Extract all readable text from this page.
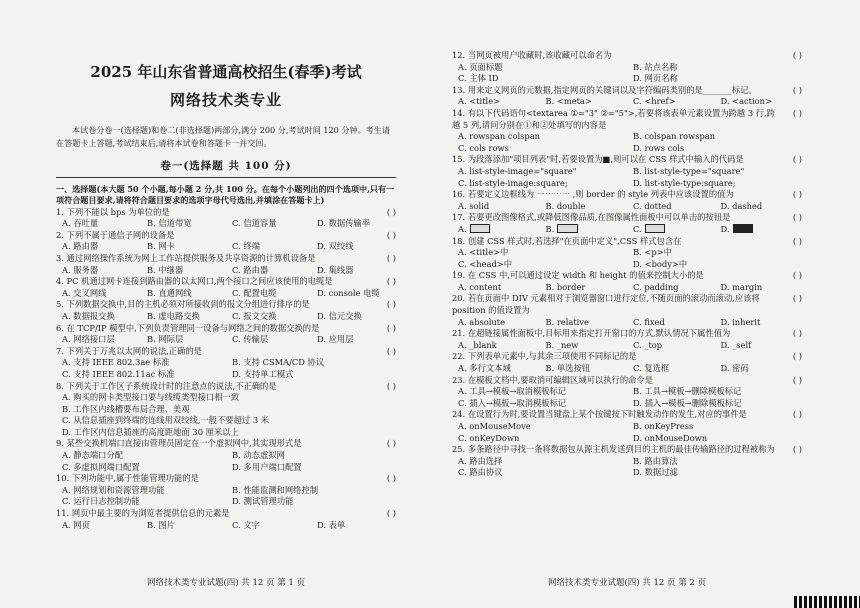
2025 年山东省普通高校招生(春季)考试
网络技术类专业
本试卷分卷一(选择题)和卷二(非选择题)两部分,满分 200 分,考试时间 120 分钟。考生请在答题卡上答题,考试结束后,请将本试卷和答题卡一并交回。
卷一(选择题 共 100 分)
一、选择题(本大题 50 个小题,每小题 2 分,共 100 分。在每个小题列出的四个选项中,只有一项符合题目要求,请将符合题目要求的选项字母代号选出,并填涂在答题卡上)
1. 下列不能以 bps 为单位的是	( )
A. 吞吐量	B. 信道带宽	C. 信道容量	D. 数据传输率
2. 下列不属于通信子网的设备是	( )
A. 路由器	B. 网卡	C. 终端	D. 双绞线
3. 通过网络操作系统为网上工作站提供服务及共享资源的计算机设备是	( )
A. 服务器	B. 中继器	C. 路由器	D. 集线器
4. PC 机通过网卡连接到路由器的以太网口,两个接口之间应该使用的电缆是	( )
A. 交叉网线	B. 直通网线	C. 配置电缆	D. console 电缆
5. 下列数据交换中,目的主机必须对所接收到的报文分组进行排序的是	( )
A. 数据报交换	B. 虚电路交换	C. 报文交换	D. 信元交换
6. 在 TCP/IP 模型中,下列负责管理同一设备与网络之间的数据交换的是	( )
A. 网络接口层	B. 网际层	C. 传输层	D. 应用层
7. 下列关于万兆以太网的说法,正确的是	( )
A. 支持 IEEE 802.3ae 标准	B. 支持 CSMA/CD 协议
C. 支持 IEEE 802.11ac 标准	D. 支持单工模式
8. 下列关于工作区子系统设计时的注意点的说法,不正确的是	( )
A. 购买的网卡类型接口要与线缆类型接口相一致
B. 工作区内线槽要布局合理、美观
C. 从信息插座到终端的连线用双绞线,一般不要超过 3 米
D. 工作区内信息插座的高度距地面 30 厘米以上
9. 某些交换机端口直接由管理员固定在一个虚拟网中,其实现形式是	( )
A. 静态端口分配	B. 动态虚拟网
C. 多虚拟网端口配置	D. 多用户端口配置
10. 下列功能中,属于性能管理功能的是	( )
A. 网络规划和资源管理功能	B. 性能监测和网络控制
C. 运行日志控制功能	D. 测试管理功能
11. 网页中最主要的为浏览者提供信息的元素是	( )
A. 网页	B. 图片	C. 文字	D. 表单
网络技术类专业试题(四) 共 12 页 第 1 页
12. 当网页被用户收藏时,该收藏可以命名为	( )
A. 页面标题	B. 站点名称
C. 主体 ID	D. 网页名称
13. 用来定义网页的元数据,指定网页的关键词以及字符编码类别的是_______标记。	( )
A. <title>	B. <meta>	C. <href>	D. <action>
14. 有以下代码语句<textarea ①="3" ②="5">,若要将该表单元素设置为跨越 3 行,跨越 5 列,请问分别在①和②处填写的内容是
( )
A. rowspan colspan	B. colspan rowspan
C. cols rows	D. rows cols
15. 为段落添加"项目列表"时,若要设置为■,则可以在 CSS 样式中输入的代码是	( )
A. list-style-image="square"	B. list-style-type="square"
C. list-style-image:square;	D. list-style-type:square;
16. 若要定义边框线为 ⋯⋯⋯⋯ ,则 border 的 style 列表中应该设置的值为	( )
A. solid	B. double	C. dotted	D. dashed
17. 若要更改图像格式,或降低图像品质,在图像属性面板中可以单击的按钮是	( )
A.	B.	C.	D.
18. 创建 CSS 样式时,若选择"在页面中定义",CSS 样式包含在	( )
A. <title>中	B. <p>中
C. <head>中	D. <body>中
19. 在 CSS 中,可以通过设定 width 和 height 的值来控制大小的是	( )
A. content	B. border	C. padding	D. margin
20. 若在页面中 DIV 元素相对于浏览器窗口进行定位,不随页面的滚动而滚动,应该将 position 的值设置为
( )
A. absolute	B. relative	C. fixed	D. inherit
21. 在超链接属性面板中,目标用来指定打开窗口的方式,默认情况下属性值为	( )
A. _blank	B. _new	C. _top	D. _self
22. 下列表单元素中,与其余三项使用不同标记的是	( )
A. 多行文本域	B. 单选按钮	C. 复选框	D. 密码
23. 在模板文档中,要取消可编辑区域可以执行的命令是	( )
A. 工具→模板→取消模板标记	B. 工具→模板→删除模板标记
C. 插入→模板→取消模板标记	D. 插入→模板→删除模板标记
24. 在设置行为时,要设置当键盘上某个按键按下时触发动作的发生,对应的事件是	( )
A. onMouseMove	B. onKeyPress
C. onKeyDown	D. onMouseDown
25. 多条路径中寻找一条将数据包从源主机发送到目的主机的最佳传输路径的过程被称为 ( )
A. 路由选择	B. 路由算法
C. 路由协议	D. 数据过滤
网络技术类专业试题(四) 共 12 页 第 2 页
